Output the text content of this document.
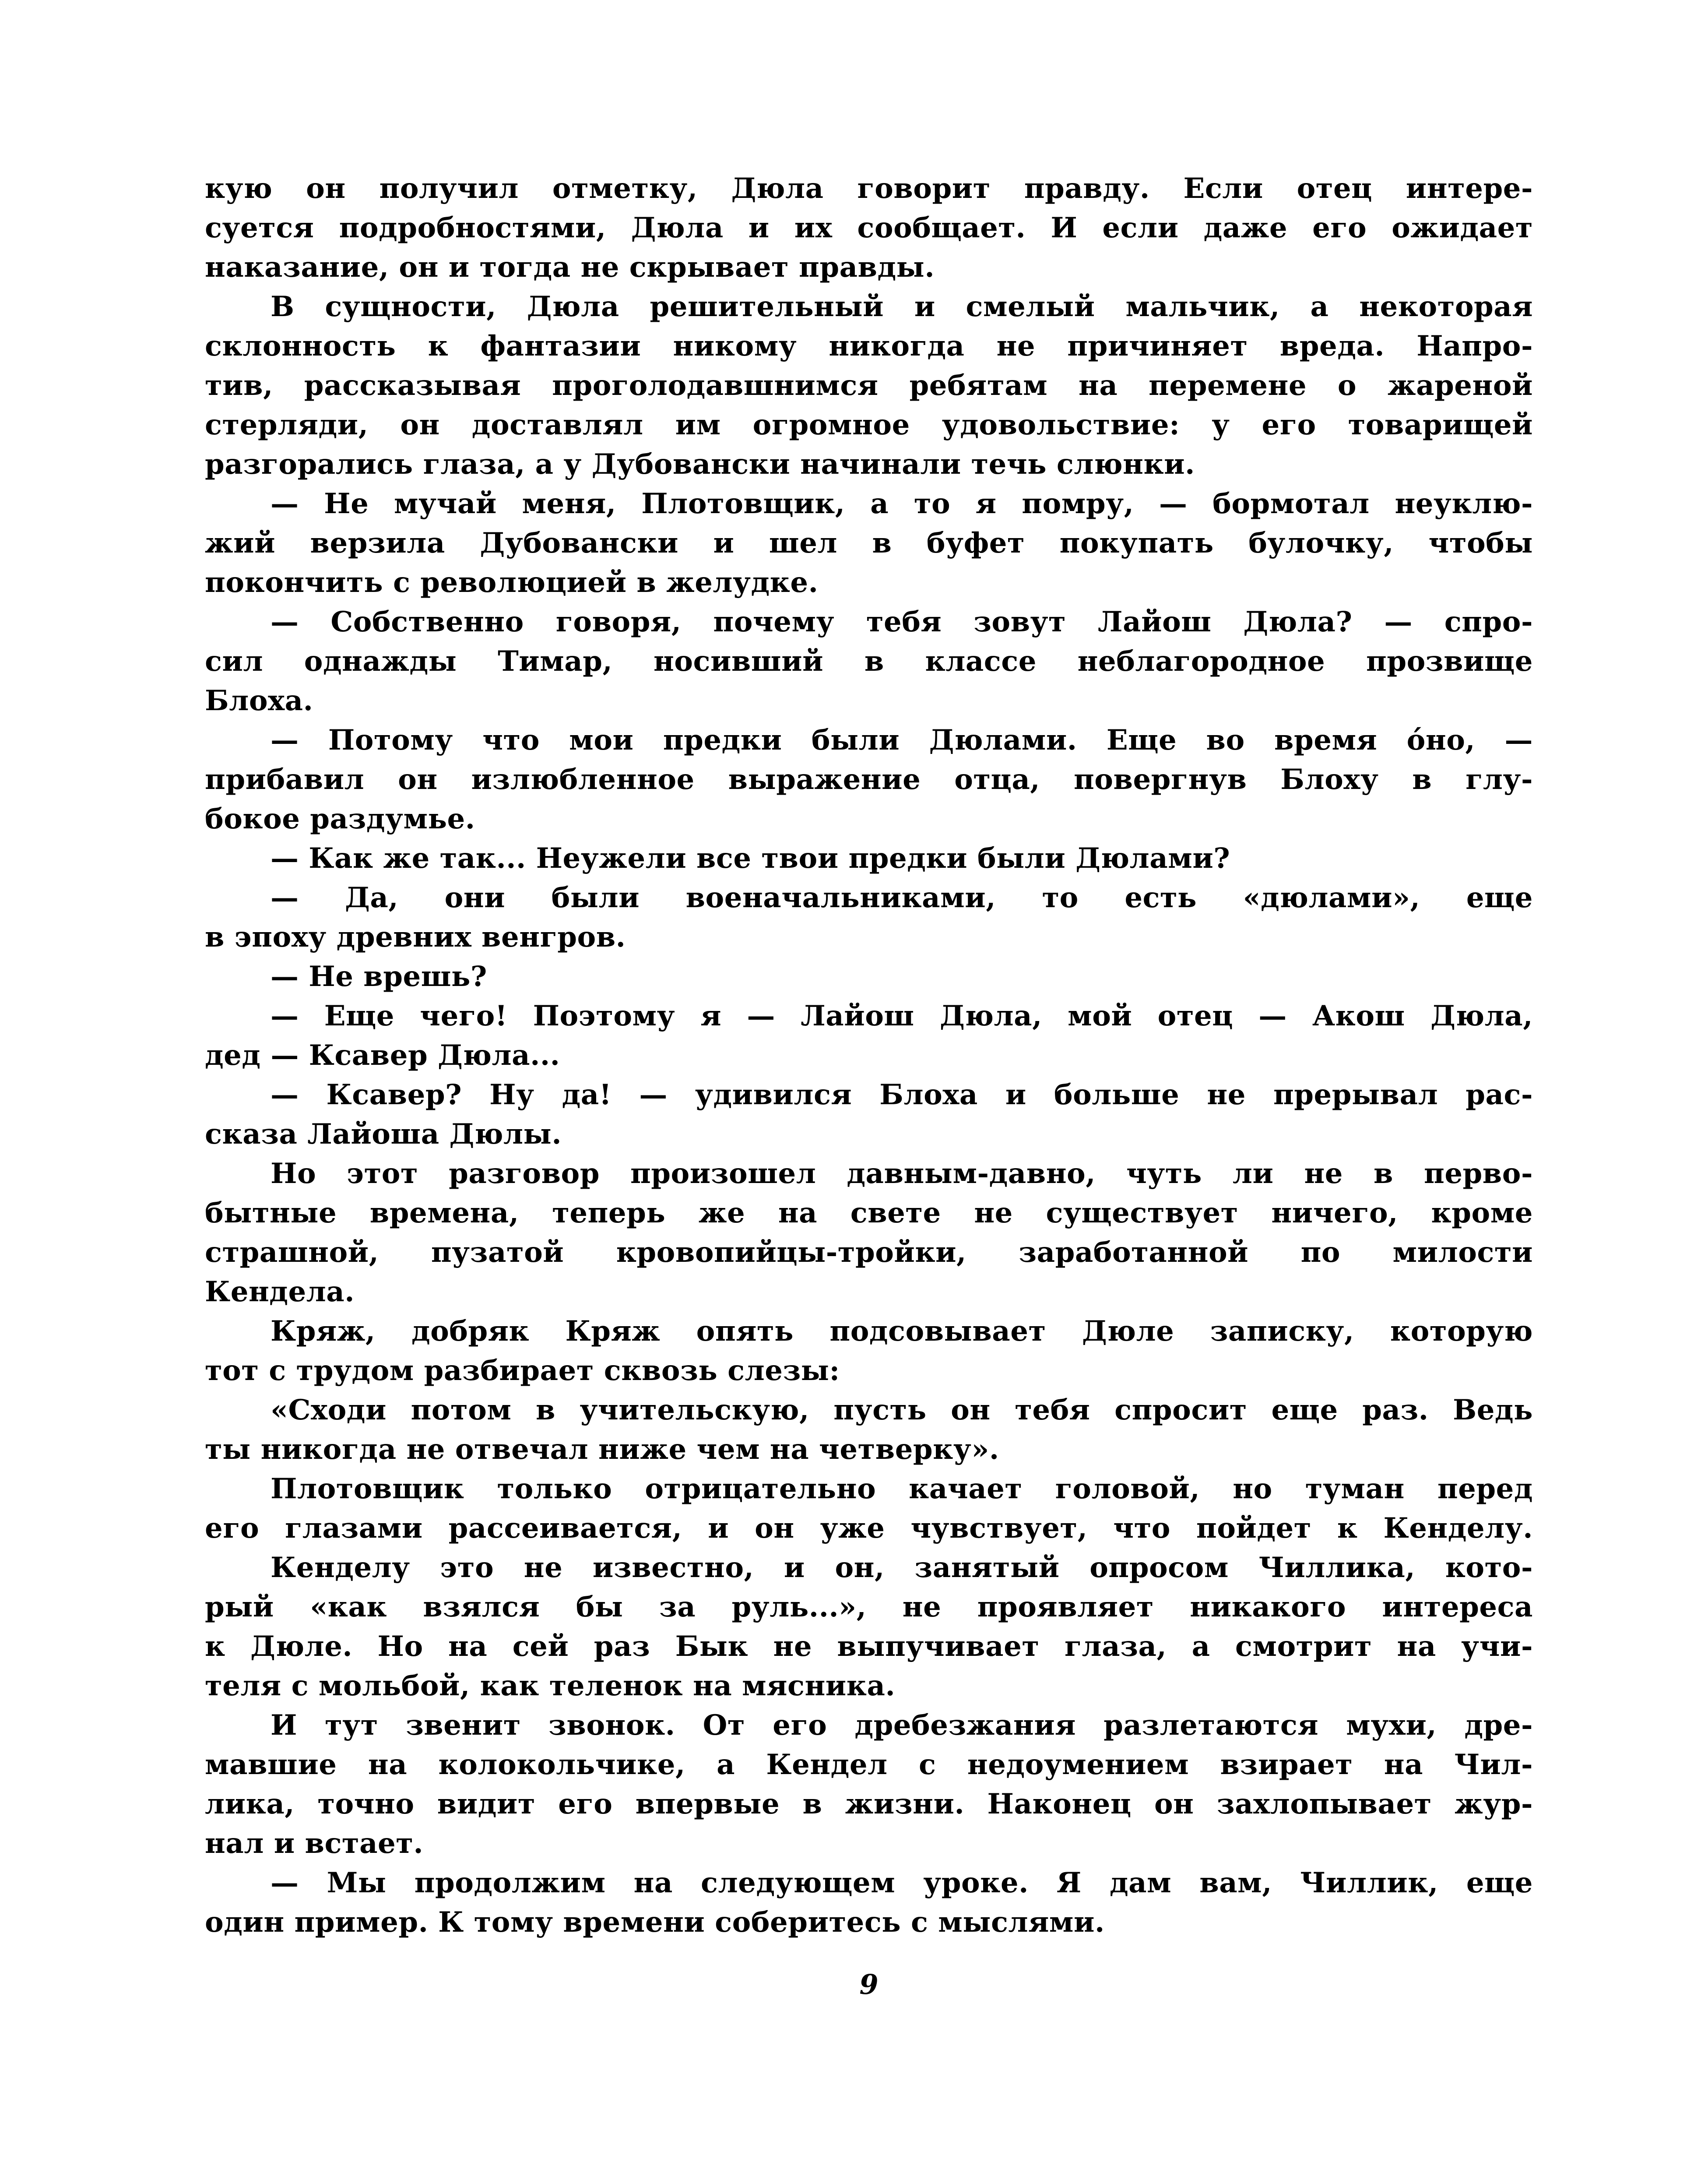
кую он получил отметку, Дюла говорит правду. Если отец интере-
суется подробностями, Дюла и их сообщает. И если даже его ожидает
наказание, он и тогда не скрывает правды.
В сущности, Дюла решительный и смелый мальчик, а некоторая
склонность к фантазии никому никогда не причиняет вреда. Напро-
тив, рассказывая проголодавшнимся ребятам на перемене о жареной
стерляди, он доставлял им огромное удовольствие: у его товарищей
разгорались глаза, а у Дубовански начинали течь слюнки.
— Не мучай меня, Плотовщик, а то я помру, — бормотал неуклю-
жий верзила Дубовански и шел в буфет покупать булочку, чтобы
покончить с революцией в желудке.
— Собственно говоря, почему тебя зовут Лайош Дюла? — спро-
сил однажды Тимар, носивший в классе неблагородное прозвище
Блоха.
— Потому что мои предки были Дюлами. Еще во время о́но, —
прибавил он излюбленное выражение отца, повергнув Блоху в глу-
бокое раздумье.
— Как же так... Неужели все твои предки были Дюлами?
— Да, они были военачальниками, то есть «дюлами», еще
в эпоху древних венгров.
— Не врешь?
— Еще чего! Поэтому я — Лайош Дюла, мой отец — Акош Дюла,
дед — Ксавер Дюла...
— Ксавер? Ну да! — удивился Блоха и больше не прерывал рас-
сказа Лайоша Дюлы.
Но этот разговор произошел давным-давно, чуть ли не в перво-
бытные времена, теперь же на свете не существует ничего, кроме
страшной, пузатой кровопийцы-тройки, заработанной по милости
Кендела.
Кряж, добряк Кряж опять подсовывает Дюле записку, которую
тот с трудом разбирает сквозь слезы:
«Сходи потом в учительскую, пусть он тебя спросит еще раз. Ведь
ты никогда не отвечал ниже чем на четверку».
Плотовщик только отрицательно качает головой, но туман перед
его глазами рассеивается, и он уже чувствует, что пойдет к Кенделу.
Кенделу это не известно, и он, занятый опросом Чиллика, кото-
рый «как взялся бы за руль...», не проявляет никакого интереса
к Дюле. Но на сей раз Бык не выпучивает глаза, а смотрит на учи-
теля с мольбой, как теленок на мясника.
И тут звенит звонок. От его дребезжания разлетаются мухи, дре-
мавшие на колокольчике, а Кендел с недоумением взирает на Чил-
лика, точно видит его впервые в жизни. Наконец он захлопывает жур-
нал и встает.
— Мы продолжим на следующем уроке. Я дам вам, Чиллик, еще
один пример. К тому времени соберитесь с мыслями.
9
